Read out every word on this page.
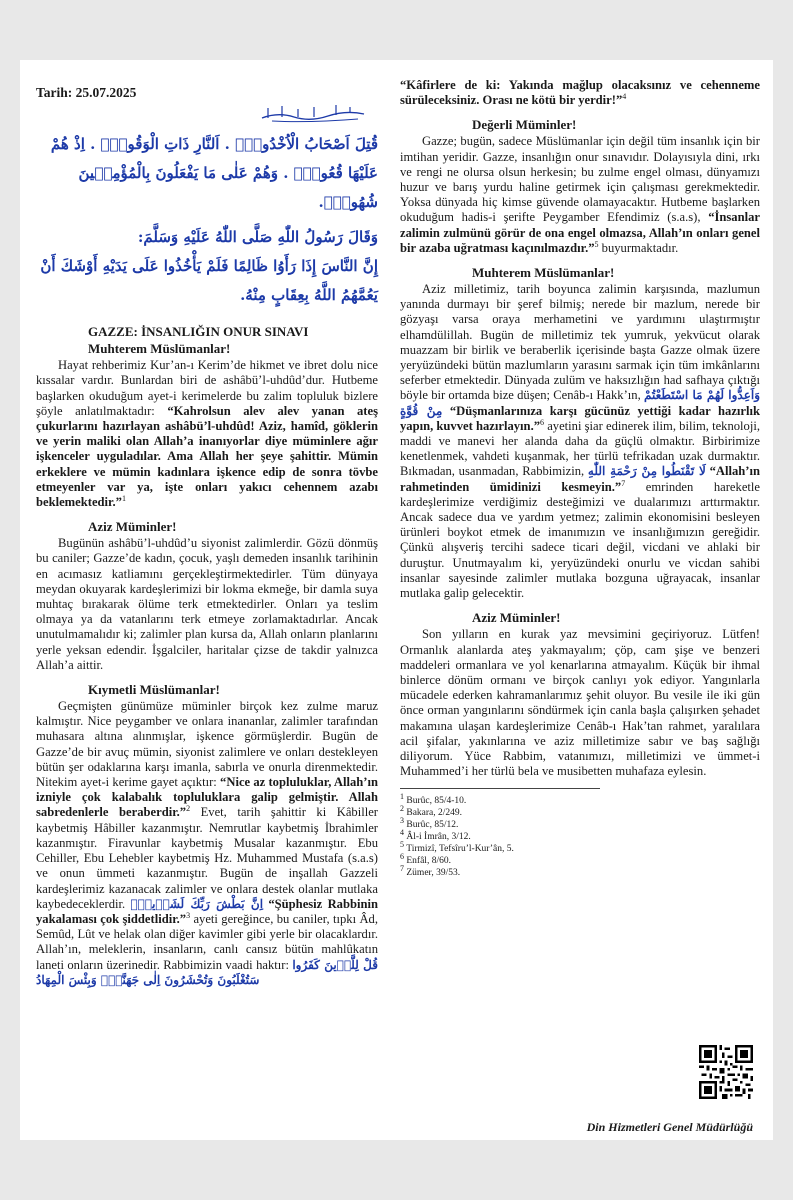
Tarih: 25.07.2025

قُتِلَ اَصْحَابُ الْاُخْدُودِۙ . اَلنَّارِ ذَاتِ الْوَقُودِۙ . اِذْ هُمْ عَلَيْهَا قُعُودٌۙ . وَهُمْ عَلٰى مَا يَفْعَلُونَ بِالْمُؤْمِن۪ينَ شُهُودٌۜ.

وَقَالَ رَسُولُ اللّٰهِ صَلَّى اللّٰهُ عَلَيْهِ وَسَلَّمَ:

إِنَّ النَّاسَ إِذَا رَأَوُا ظَالِمًا فَلَمْ يَأْخُذُوا عَلَى يَدَيْهِ أَوْشَكَ أَنْ يَعُمَّهُمُ اللَّهُ بِعِقَابٍ مِنْهُ.

GAZZE: İNSANLIĞIN ONUR SINAVI

Muhterem Müslümanlar!

Hayat rehberimiz Kur’an-ı Kerim’de hikmet ve ibret dolu nice kıssalar vardır. Bunlardan biri de ashâbü’l-uhdûd’dur. Hutbeme başlarken okuduğum ayet-i kerimelerde bu zalim topluluk bizlere şöyle anlatılmaktadır: “Kahrolsun alev alev yanan ateş çukurlarını hazırlayan ashâbü’l-uhdûd! Aziz, hamîd, göklerin ve yerin maliki olan Allah’a inanıyorlar diye müminlere ağır işkenceler uyguladılar. Ama Allah her şeye şahittir. Mümin erkeklere ve mümin kadınlara işkence edip de sonra tövbe etmeyenler var ya, işte onları yakıcı cehennem azabı beklemektedir.”$^1$

Aziz Müminler!

Bugünün ashâbü’l-uhdûd’u siyonist zalimlerdir. Gözü dönmüş bu caniler; Gazze’de kadın, çocuk, yaşlı demeden insanlık tarihinin en acımasız katliamını gerçekleştirmektedirler. Tüm dünyaya meydan okuyarak kardeşlerimizi bir lokma ekmeğe, bir damla suya muhtaç bırakarak ölüme terk etmektedirler. Onları ya teslim olmaya ya da vatanlarını terk etmeye zorlamaktadırlar. Ancak unutulmamalıdır ki; zalimler plan kursa da, Allah onların planlarını yerle yeksan edendir. İşgalciler, haritalar çizse de takdir yalnızca Allah’a aittir.

Kıymetli Müslümanlar!

Geçmişten günümüze müminler birçok kez zulme maruz kalmıştır. Nice peygamber ve onlara inananlar, zalimler tarafından muhasara altına alınmışlar, işkence görmüşlerdir. Bugün de Gazze’de bir avuç mümin, siyonist zalimlere ve onları destekleyen bütün şer odaklarına karşı imanla, sabırla ve onurla direnmektedir. Nitekim ayet-i kerime gayet açıktır: “Nice az topluluklar, Allah’ın izniyle çok kalabalık topluluklara galip gelmiştir. Allah sabredenlerle beraberdir.”$^2$ Evet, tarih şahittir ki Kâbiller kaybetmiş Hâbiller kazanmıştır. Nemrutlar kaybetmiş İbrahimler kazanmıştır. Firavunlar kaybetmiş Musalar kazanmıştır. Ebu Cehiller, Ebu Lehebler kaybetmiş Hz. Muhammed Mustafa (s.a.s) ve onun ümmeti kazanmıştır. Bugün de inşallah Gazzeli kardeşlerimiz kazanacak zalimler ve onlara destek olanlar mutlaka kaybedeceklerdir. اِنَّ بَطْشَ رَبِّكَ لَشَد۪يدٌۜ “Şüphesiz Rabbinin yakalaması çok şiddetlidir.”$^3$ ayeti gereğince, bu caniler, tıpkı Âd, Semûd, Lût ve helak olan diğer kavimler gibi yerle bir olacaklardır. Allah’ın, meleklerin, insanların, canlı cansız bütün mahlûkatın laneti onların üzerinedir. Rabbimizin vaadi haktır: قُلْ لِلَّذ۪ينَ كَفَرُوا سَتُغْلَبُونَ وَتُحْشَرُونَ اِلٰى جَهَنَّمَۜ وَبِئْسَ الْمِهَادُ

“Kâfirlere de ki: Yakında mağlup olacaksınız ve cehenneme sürüleceksiniz. Orası ne kötü bir yerdir!”$^4$

Değerli Müminler!

Gazze; bugün, sadece Müslümanlar için değil tüm insanlık için bir imtihan yeridir. Gazze, insanlığın onur sınavıdır. Dolayısıyla dini, ırkı ve rengi ne olursa olsun herkesin; bu zulme engel olması, dünyamızı huzur ve barış yurdu haline getirmek için çalışması gerekmektedir. Yoksa dünyada hiç kimse güvende olamayacaktır. Hutbeme başlarken okuduğum hadis-i şerifte Peygamber Efendimiz (s.a.s), “İnsanlar zalimin zulmünü görür de ona engel olmazsa, Allah’ın onları genel bir azaba uğratması kaçınılmazdır.”$^5$ buyurmaktadır.

Muhterem Müslümanlar!

Aziz milletimiz, tarih boyunca zalimin karşısında, mazlumun yanında durmayı bir şeref bilmiş; nerede bir mazlum, nerede bir gözyaşı varsa oraya merhametini ve yardımını ulaştırmıştır elhamdülillah. Bugün de milletimiz tek yumruk, yekvücut olarak muazzam bir birlik ve beraberlik içerisinde başta Gazze olmak üzere yeryüzündeki bütün mazlumların yarasını sarmak için tüm imkânlarını seferber etmektedir. Dünyada zulüm ve haksızlığın had safhaya çıktığı böyle bir ortamda bize düşen; Cenâb-ı Hakk’ın, وَاَعِدُّوا لَهُمْ مَا اسْتَطَعْتُمْ مِنْ قُوَّةٍ “Düşmanlarınıza karşı gücünüz yettiği kadar hazırlık yapın, kuvvet hazırlayın.”$^6$ ayetini şiar edinerek ilim, bilim, teknoloji, maddi ve manevi her alanda daha da güçlü olmaktır. Birbirimize kenetlenmek, vahdeti kuşanmak, her türlü tefrikadan uzak durmaktır. Bıkmadan, usanmadan, Rabbimizin, لَا تَقْنَطُوا مِنْ رَحْمَةِ اللّٰهِ “Allah’ın rahmetinden ümidinizi kesmeyin.”$^7$ emrinden hareketle kardeşlerimize verdiğimiz desteğimizi ve dualarımızı arttırmaktır. Ancak sadece dua ve yardım yetmez; zalimin ekonomisini besleyen ürünleri boykot etmek de imanımızın ve insanlığımızın gereğidir. Çünkü alışveriş tercihi sadece ticari değil, vicdani ve ahlaki bir duruştur. Unutmayalım ki, yeryüzündeki onurlu ve vicdan sahibi insanlar sayesinde zalimler mutlaka bozguna uğrayacak, insanlar mutlaka galip gelecektir.

Aziz Müminler!

Son yılların en kurak yaz mevsimini geçiriyoruz. Lütfen! Ormanlık alanlarda ateş yakmayalım; çöp, cam şişe ve benzeri maddeleri ormanlara ve yol kenarlarına atmayalım. Küçük bir ihmal binlerce dönüm ormanı ve birçok canlıyı yok ediyor. Yangınlarla mücadele ederken kahramanlarımız şehit oluyor. Bu vesile ile iki gün önce orman yangınlarını söndürmek için canla başla çalışırken şehadet makamına ulaşan kardeşlerimize Cenâb-ı Hak’tan rahmet, yaralılara acil şifalar, yakınlarına ve aziz milletimize sabır ve baş sağlığı diliyorum. Yüce Rabbim, vatanımızı, milletimizi ve ümmet-i Muhammed’i her türlü bela ve musibetten muhafaza eylesin.

$^1$ Burûc, 85/4-10.
$^2$ Bakara, 2/249.
$^3$ Burûc, 85/12.
$^4$ Âl-i İmrân, 3/12.
$^5$ Tirmizî, Tefsîru’l-Kur’ân, 5.
$^6$ Enfâl, 8/60.
$^7$ Zümer, 39/53.

Din Hizmetleri Genel Müdürlüğü
